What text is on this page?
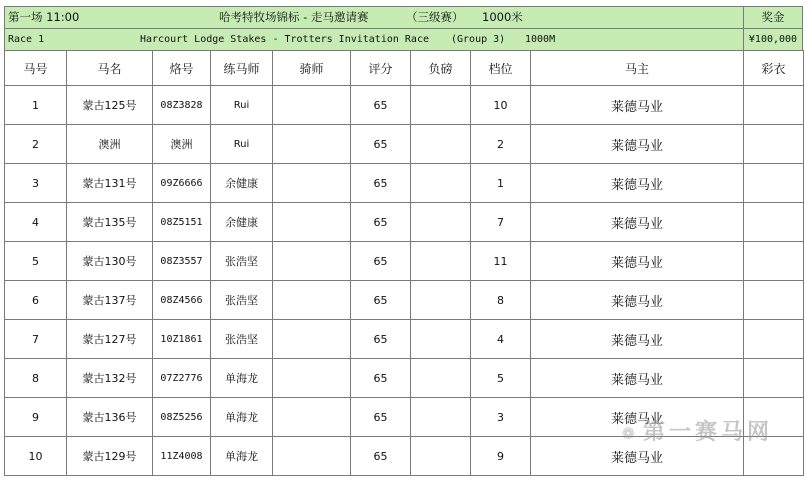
第一场 11:00	哈考特牧场锦标 - 走马邀请赛	（三级赛） 1000米	奖金
Race 1	Harcourt Lodge Stakes - Trotters Invitation Race (Group 3) 1000M	¥100,000
马号	马名	烙号	练马师	骑师	评分	负磅	档位	马主	彩衣
1	蒙古125号	08Z3828	Rui		65		10	莱德马业	
2	澳洲	澳洲	Rui		65		2	莱德马业	
3	蒙古131号	09Z6666	余健康		65		1	莱德马业	
4	蒙古135号	08Z5151	余健康		65		7	莱德马业	
5	蒙古130号	08Z3557	张浩坚		65		11	莱德马业	
6	蒙古137号	08Z4566	张浩坚		65		8	莱德马业	
7	蒙古127号	10Z1861	张浩坚		65		4	莱德马业	
8	蒙古132号	07Z2776	单海龙		65		5	莱德马业	
9	蒙古136号	08Z5256	单海龙		65		3	莱德马业	
10	蒙古129号	11Z4008	单海龙		65		9	莱德马业	
❁ 第一赛马网
